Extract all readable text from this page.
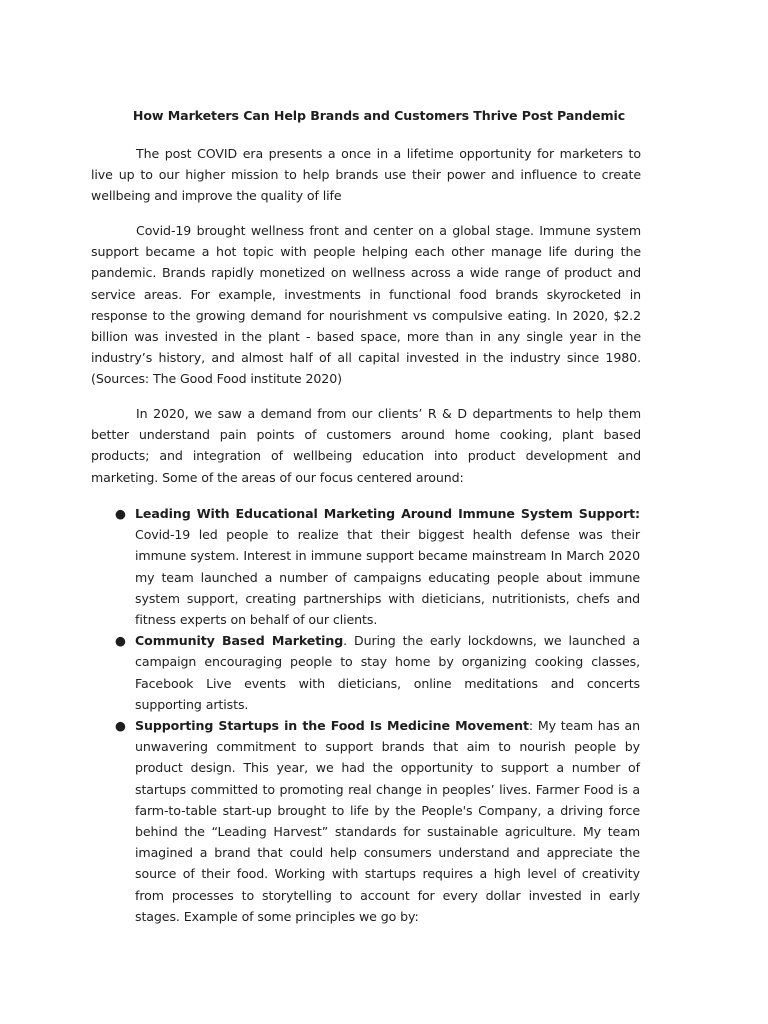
How Marketers Can Help Brands and Customers Thrive Post Pandemic

The post COVID era presents a once in a lifetime opportunity for marketers to live up to our higher mission to help brands use their power and influence to create wellbeing and improve the quality of life

Covid-19 brought wellness front and center on a global stage. Immune system support became a hot topic with people helping each other manage life during the pandemic. Brands rapidly monetized on wellness across a wide range of product and service areas. For example, investments in functional food brands skyrocketed in response to the growing demand for nourishment vs compulsive eating. In 2020, $2.2 billion was invested in the plant - based space, more than in any single year in the industry’s history, and almost half of all capital invested in the industry since 1980. (Sources: The Good Food institute 2020)

In 2020, we saw a demand from our clients’ R & D departments to help them better understand pain points of customers around home cooking, plant based products; and integration of wellbeing education into product development and marketing. Some of the areas of our focus centered around:

● Leading With Educational Marketing Around Immune System Support: Covid-19 led people to realize that their biggest health defense was their immune system. Interest in immune support became mainstream In March 2020 my team launched a number of campaigns educating people about immune system support, creating partnerships with dieticians, nutritionists, chefs and fitness experts on behalf of our clients.
● Community Based Marketing. During the early lockdowns, we launched a campaign encouraging people to stay home by organizing cooking classes, Facebook Live events with dieticians, online meditations and concerts supporting artists.
● Supporting Startups in the Food Is Medicine Movement: My team has an unwavering commitment to support brands that aim to nourish people by product design. This year, we had the opportunity to support a number of startups committed to promoting real change in peoples’ lives. Farmer Food is a farm-to-table start-up brought to life by the People's Company, a driving force behind the “Leading Harvest” standards for sustainable agriculture. My team imagined a brand that could help consumers understand and appreciate the source of their food. Working with startups requires a high level of creativity from processes to storytelling to account for every dollar invested in early stages. Example of some principles we go by:
